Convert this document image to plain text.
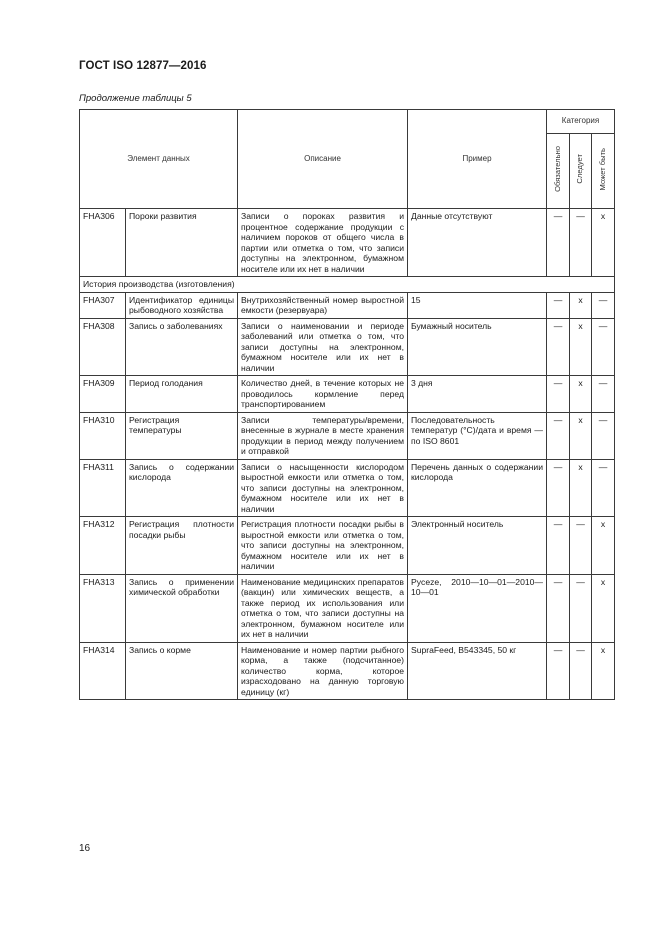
ГОСТ ISO 12877—2016
Продолжение таблицы 5
Элемент данных		Описание	Пример	Категория		
				Обязательно	Следует	Может быть
FHA306	Пороки развития	Записи о пороках развития и процентное содержание продукции с наличием пороков от общего числа в партии или отметка о том, что записи доступны на электронном, бумажном носителе или их нет в наличии	Данные отсутствуют	—	—	x
История производства (изготовления)						
FHA307	Идентификатор единицы рыбоводного хозяйства	Внутрихозяйственный номер выростной емкости (резервуара)	15	—	x	—
FHA308	Запись о заболеваниях	Записи о наименовании и периоде заболеваний или отметка о том, что записи доступны на электронном, бумажном носителе или их нет в наличии	Бумажный носитель	—	x	—
FHA309	Период голодания	Количество дней, в течение которых не проводилось кормление перед транспортированием	3 дня	—	x	—
FHA310	Регистрация температуры	Записи температуры/времени, внесенные в журнале в месте хранения продукции в период между получением и отправкой	Последовательность температур (°C)/дата и время — по ISO 8601	—	x	—
FHA311	Запись о содержании кислорода	Записи о насыщенности кислородом выростной емкости или отметка о том, что записи доступны на электронном, бумажном носителе или их нет в наличии	Перечень данных о содержании кислорода	—	x	—
FHA312	Регистрация плотности посадки рыбы	Регистрация плотности посадки рыбы в выростной емкости или отметка о том, что записи доступны на электронном, бумажном носителе или их нет в наличии	Электронный носитель	—	—	x
FHA313	Запись о применении химической обработки	Наименование медицинских препаратов (вакцин) или химических веществ, а также период их использования или отметка о том, что записи доступны на электронном, бумажном носителе или их нет в наличии	Pyceze, 2010—10—01—2010—10—01	—	—	x
FHA314	Запись о корме	Наименование и номер партии рыбного корма, а также (подсчитанное) количество корма, которое израсходовано на данную торговую единицу (кг)	SupraFeed, B543345, 50 кг	—	—	x
16
